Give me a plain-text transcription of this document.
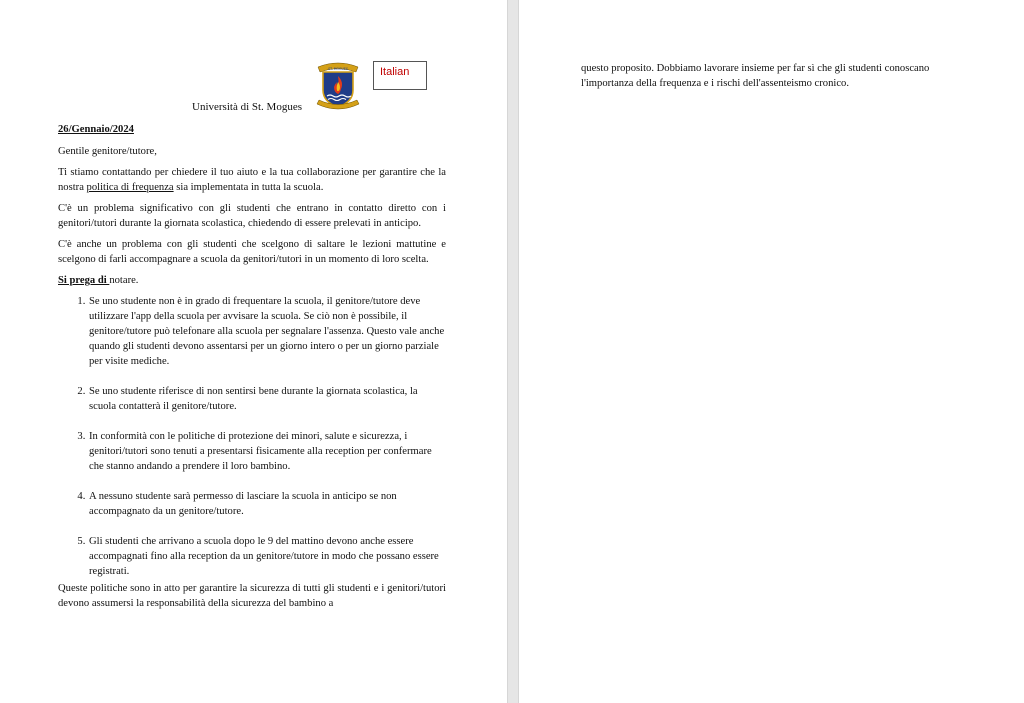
ST. MOGUES	Italian
Università di St. Mogues

26/Gennaio/2024

Gentile genitore/tutore,

Ti stiamo contattando per chiedere il tuo aiuto e la tua collaborazione per garantire che la nostra politica di frequenza sia implementata in tutta la scuola.

C'è un problema significativo con gli studenti che entrano in contatto diretto con i genitori/tutori durante la giornata scolastica, chiedendo di essere prelevati in anticipo.

C'è anche un problema con gli studenti che scelgono di saltare le lezioni mattutine e scelgono di farli accompagnare a scuola da genitori/tutori in un momento di loro scelta.

Si prega di notare.

1. Se uno studente non è in grado di frequentare la scuola, il genitore/tutore deve utilizzare l'app della scuola per avvisare la scuola. Se ciò non è possibile, il genitore/tutore può telefonare alla scuola per segnalare l'assenza. Questo vale anche quando gli studenti devono assentarsi per un giorno intero o per un giorno parziale per visite mediche.
2. Se uno studente riferisce di non sentirsi bene durante la giornata scolastica, la scuola contatterà il genitore/tutore.
3. In conformità con le politiche di protezione dei minori, salute e sicurezza, i genitori/tutori sono tenuti a presentarsi fisicamente alla reception per confermare che stanno andando a prendere il loro bambino.
4. A nessuno studente sarà permesso di lasciare la scuola in anticipo se non accompagnato da un genitore/tutore.
5. Gli studenti che arrivano a scuola dopo le 9 del mattino devono anche essere accompagnati fino alla reception da un genitore/tutore in modo che possano essere registrati.

Queste politiche sono in atto per garantire la sicurezza di tutti gli studenti e i genitori/tutori devono assumersi la responsabilità della sicurezza del bambino a

questo proposito. Dobbiamo lavorare insieme per far sì che gli studenti conoscano l'importanza della frequenza e i rischi dell'assenteismo cronico.
